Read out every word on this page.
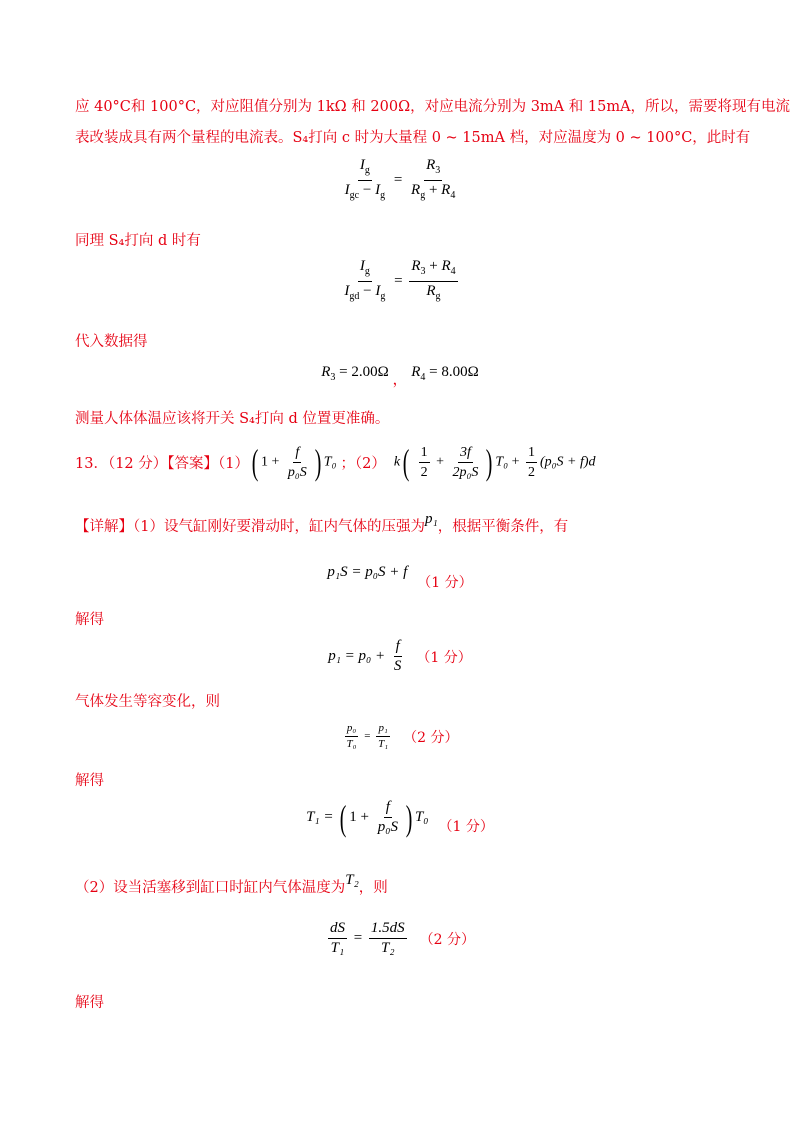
应 40°C和 100°C，对应阻值分别为 1kΩ 和 200Ω，对应电流分别为 3mA 和 15mA，所以，需要将现有电流
表改装成具有两个量程的电流表。S₄打向 c 时为大量程 0 ~ 15mA 档，对应温度为 0 ~ 100°C，此时有
$\frac{I_g}{I_{gc} - I_g} = \frac{R_3}{R_g + R_4}$
同理 S₄打向 d 时有
$\frac{I_g}{I_{gd} - I_g} = \frac{R_3 + R_4}{R_g}$
代入数据得
$R_3 = 2.00\Omega$ ， $R_4 = 8.00\Omega$
测量人体体温应该将开关 S₄打向 d 位置更准确。
13．（12 分）【答案】（1） ( $1 + \frac{f}{\text{p₀S}}$ ) T₀ ；（2） $k( \frac{1}{2} + \frac{3f}{\text{2p₀S}}$ ) $T_0 + \frac{1}{2} (p_0S + f)d$
【详解】（1）设气缸刚好要滑动时，缸内气体的压强为p₁，根据平衡条件，有
p₁S = p₀S + f
（1 分）
解得
$p_1 = p_0 + \frac{f}{S} (1$ 分）
气体发生等容变化，则
$\frac{\text{p₀}}{\text{T₀}} = \frac{\text{p₁}}{\text{T₁}} (2$ 分）
解得
T₁ = ( $1 + \frac{f}{\text{p₀S}}$ ) T₀
（1 分）
（2）设当活塞移到缸口时缸内气体温度为T₂，则
$\frac{dS}{\text{T₁}} = \frac{1.5dS}{\text{T₂}} (2$ 分）
解得
